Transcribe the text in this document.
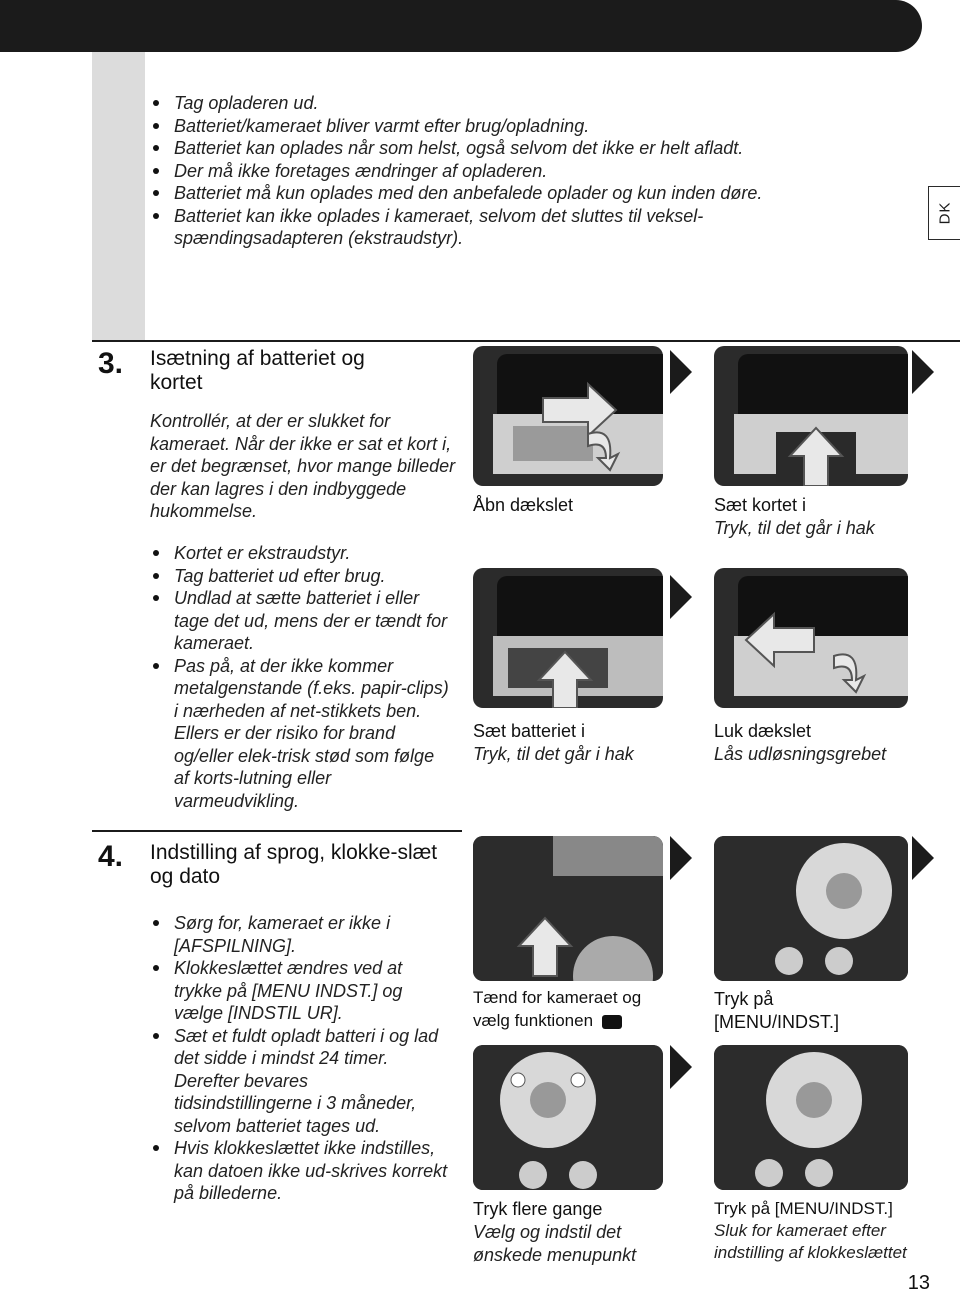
DK
Tag opladeren ud.
Batteriet/kameraet bliver varmt efter brug/opladning.
Batteriet kan oplades når som helst, også selvom det ikke er helt afladt.
Der må ikke foretages ændringer af opladeren.
Batteriet må kun oplades med den anbefalede oplader og kun inden døre.
Batteriet kan ikke oplades i kameraet, selvom det sluttes til veksel-spændingsadapteren (ekstraudstyr).
3. Isætning af batteriet og kortet

Kontrollér, at der er slukket for kameraet. Når der ikke er sat et kort i, er det begrænset, hvor mange billeder der kan lagres i den indbyggede hukommelse.

Kortet er ekstraudstyr.
Tag batteriet ud efter brug.
Undlad at sætte batteriet i eller tage det ud, mens der er tændt for kameraet.
Pas på, at der ikke kommer metalgenstande (f.eks. papir-clips) i nærheden af net-stikkets ben. Ellers er der risiko for brand og/eller elek-trisk stød som følge af korts-lutning eller varmeudvikling.
Åbn dækslet	Sæt kortet i
Tryk, til det går i hak
Sæt batteriet i
Tryk, til det går i hak
Luk dækslet
Lås udløsningsgrebet
4. Indstilling af sprog, klokke-slæt og dato
Sørg for, kameraet er ikke i [AFSPILNING].
Klokkeslættet ændres ved at trykke på [MENU INDST.] og vælge [INDSTIL UR].
Sæt et fuldt opladt batteri i og lad det sidde i mindst 24 timer. Derefter bevares tidsindstillingerne i 3 måneder, selvom batteriet tages ud.
Hvis klokkeslættet ikke indstilles, kan datoen ikke ud-skrives korrekt på billederne.
Tænd for kameraet og vælg funktionen
Tryk på [MENU/INDST.]
Tryk flere gange
Vælg og indstil det ønskede menupunkt
Tryk på [MENU/INDST.]
Sluk for kameraet efter indstilling af klokkeslættet
13
